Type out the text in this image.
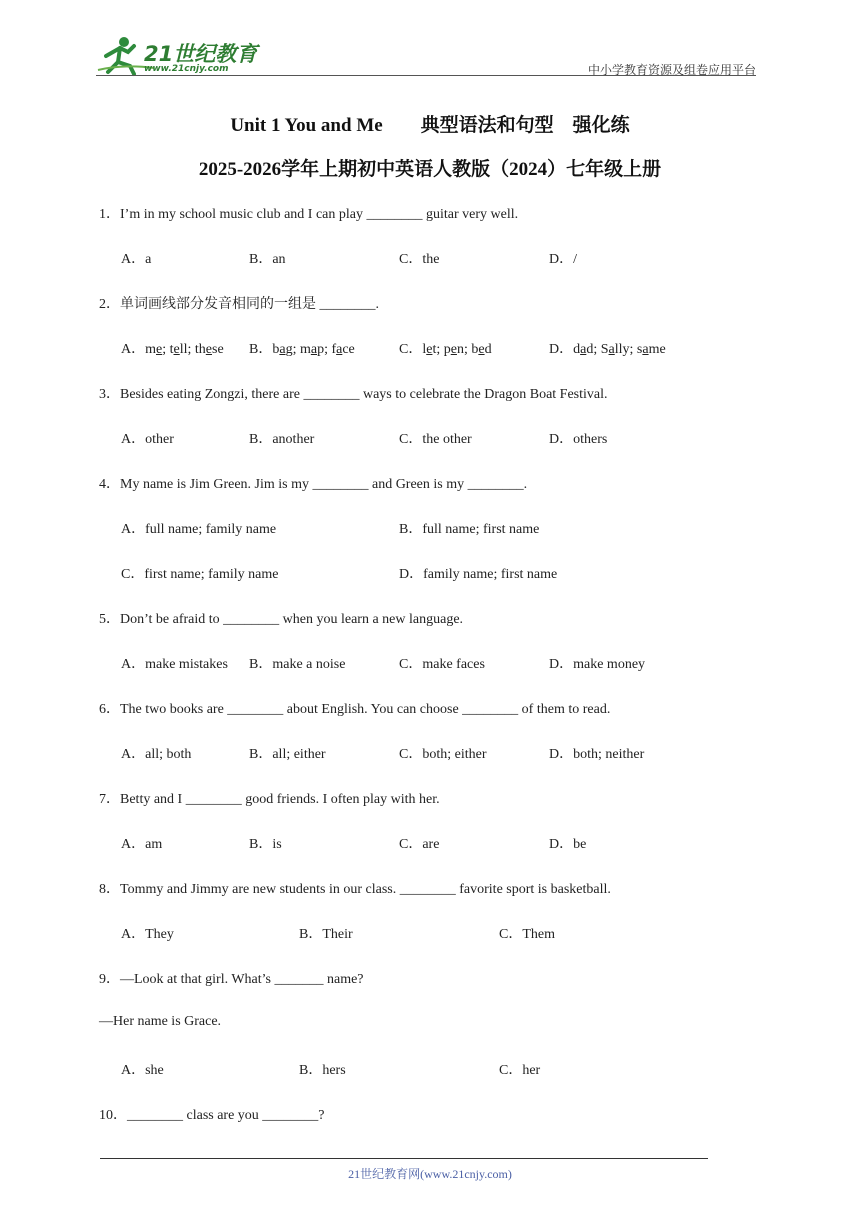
21世纪教育
www.21cnjy.com	中小学教育资源及组卷应用平台
Unit 1 You and Me　　典型语法和句型　强化练
2025-2026学年上期初中英语人教版（2024）七年级上册
1．I’m in my school music club and I can play ________ guitar very well.
A．a	B．an	C．the	D．/
2．单词画线部分发音相同的一组是 ________.
A．me; tell; these B．bag; map; face	C．let; pen; bed	D．dad; Sally; same
3．Besides eating Zongzi, there are ________ ways to celebrate the Dragon Boat Festival.
A．other	B．another	C．the other	D．others
4．My name is Jim Green. Jim is my ________ and Green is my ________.
A．full name; family name	B．full name; first name
C．first name; family name	D．family name; first name
5．Don’t be afraid to ________ when you learn a new language.
A．make mistakes B．make a noise	C．make faces	D．make money
6．The two books are ________ about English. You can choose ________ of them to read.
A．all; both	B．all; either	C．both; either	D．both; neither
7．Betty and I ________ good friends. I often play with her.
A．am	B．is	C．are	D．be
8．Tommy and Jimmy are new students in our class. ________ favorite sport is basketball.
A．They	B．Their	C．Them
9．—Look at that girl. What’s _______ name?
—Her name is Grace.
A．she	B．hers	C．her
10．________ class are you ________?
21世纪教育网(www.21cnjy.com)
